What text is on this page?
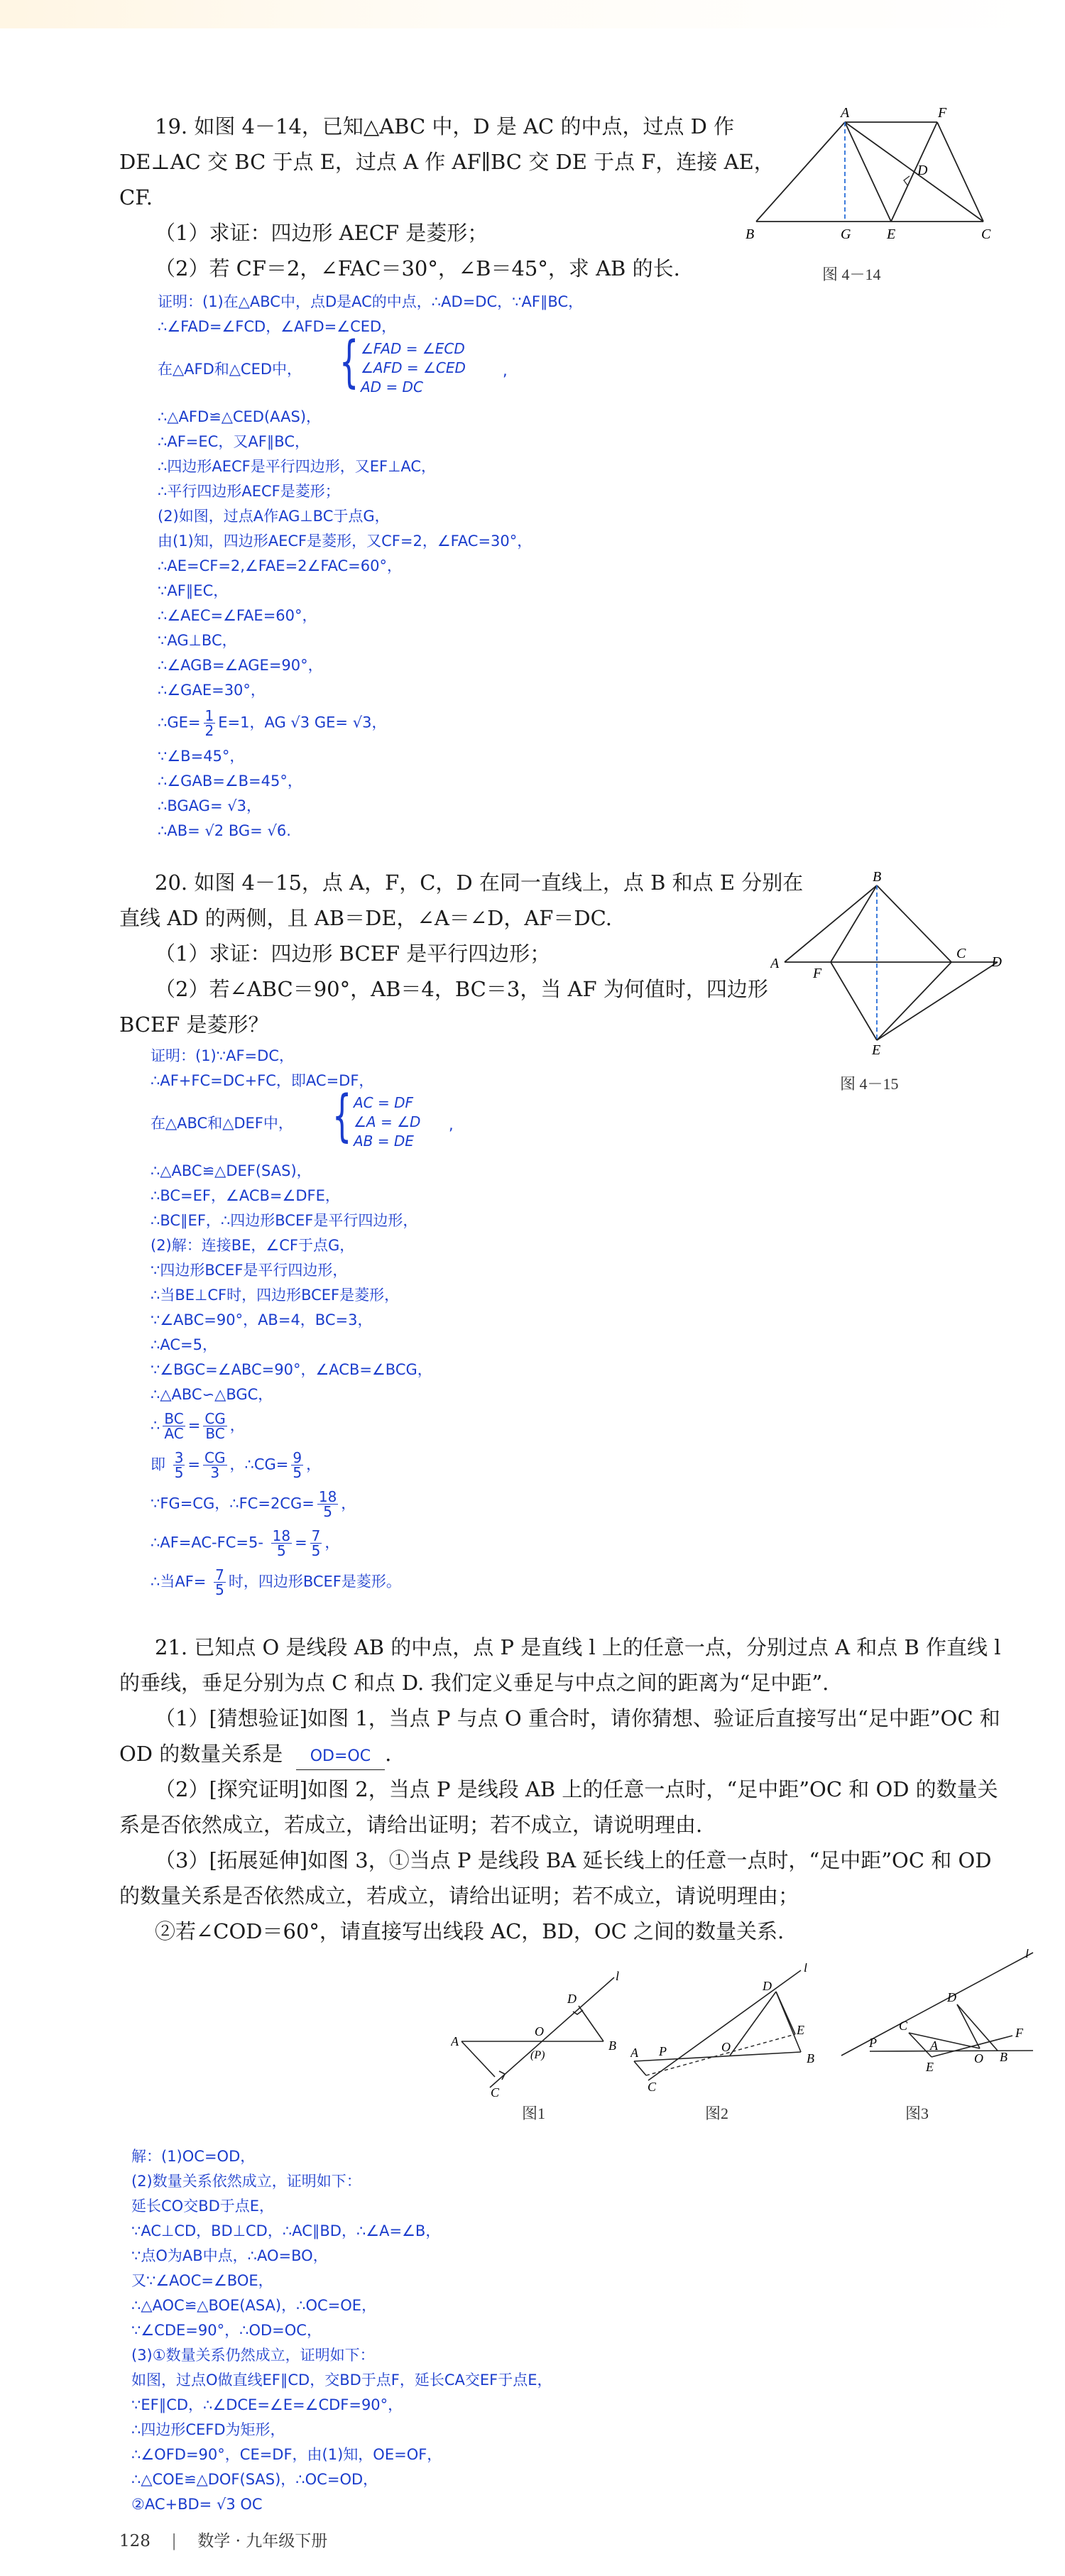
19. 如图 4－14，已知△ABC 中，D 是 AC 的中点，过点 D 作
DE⊥AC 交 BC 于点 E，过点 A 作 AF∥BC 交 DE 于点 F，连接 AE，
CF.
（1）求证：四边形 AECF 是菱形；
（2）若 CF＝2，∠FAC＝30°，∠B＝45°，求 AB 的长.
A	F
D
B	G	E	C
图 4－14
证明：(1)在△ABC中，点D是AC的中点，∴AD=DC，∵AF∥BC，
∴∠FAD=∠FCD，∠AFD=∠CED，
在△AFD和△CED中， { ∠FAD = ∠ECD
∠AFD = ∠CED
AD = DC
,
∴△AFD≌△CED(AAS)，
∴AF=EC，又AF∥BC，
∴四边形AECF是平行四边形，又EF⊥AC，
∴平行四边形AECF是菱形；
(2)如图，过点A作AG⊥BC于点G，
由(1)知，四边形AECF是菱形，又CF=2，∠FAC=30°，
∴AE=CF=2,∠FAE=2∠FAC=60°，
∵AF∥EC，
∴∠AEC=∠FAE=60°，
∵AG⊥BC，
∴∠AGB=∠AGE=90°，
∴∠GAE=30°，
∴GE= $\frac{1}{2} E=1$，AG √3 GE= √3，
∵∠B=45°，
∴∠GAB=∠B=45°，
∴BGAG= √3，
∴AB= √2 BG= √6.
20. 如图 4－15，点 A，F，C，D 在同一直线上，点 B 和点 E 分别在
直线 AD 的两侧，且 AB＝DE，∠A＝∠D，AF＝DC.
（1）求证：四边形 BCEF 是平行四边形；
（2）若∠ABC＝90°，AB＝4，BC＝3，当 AF 为何值时，四边形
BCEF 是菱形？
B
A
F
C
D
E
图 4－15
证明：(1)∵AF=DC，
∴AF+FC=DC+FC，即AC=DF，
在△ABC和△DEF中， { AC = DF
∠A = ∠D
AB = DE
,
∴△ABC≌△DEF(SAS)，
∴BC=EF，∠ACB=∠DFE，
∴BC∥EF，∴四边形BCEF是平行四边形，
(2)解：连接BE，∠CF于点G，
∵四边形BCEF是平行四边形，
∴当BE⊥CF时，四边形BCEF是菱形，
∵∠ABC=90°，AB=4，BC=3，
∴AC=5，
∵∠BGC=∠ABC=90°，∠ACB=∠BCG，
∴△ABC∽△BGC，
∴ $\frac{BC}{AC} = \frac{CG}{BC}$ ，
即 $\frac{3}{5} = \frac{CG}{3}$ ，∴CG= $\frac{9}{5}$ ，
∵FG=CG，∴FC=2CG= $\frac{18}{5}$ ，
∴AF=AC-FC=5- $\frac{18}{5} = \frac{7}{5}$ ，
∴当$AF= \frac{7}{5}$ 时，四边形BCEF是菱形。
21. 已知点 O 是线段 AB 的中点，点 P 是直线 l 上的任意一点，分别过点 A 和点 B 作直线 l
的垂线，垂足分别为点 C 和点 D. 我们定义垂足与中点之间的距离为“足中距”.
（1）[猜想验证]如图 1，当点 P 与点 O 重合时，请你猜想、验证后直接写出“足中距”OC 和
OD 的数量关系是 OD=OC .
（2）[探究证明]如图 2，当点 P 是线段 AB 上的任意一点时，“足中距”OC 和 OD 的数量关
系是否依然成立，若成立，请给出证明；若不成立，请说明理由.
（3）[拓展延伸]如图 3，①当点 P 是线段 BA 延长线上的任意一点时，“足中距”OC 和 OD
的数量关系是否依然成立，若成立，请给出证明；若不成立，请说明理由；
②若∠COD＝60°，请直接写出线段 AC，BD，OC 之间的数量关系.
l
D
A
O
(P)
B
C
图1
l
D
A P	O
E
B
C
图2
l
D
C	F
P	A
O B
E
图3
解：(1)OC=OD，
(2)数量关系依然成立，证明如下：
延长CO交BD于点E，
∵AC⊥CD，BD⊥CD，∴AC∥BD，∴∠A=∠B，
∵点O为AB中点，∴AO=BO，
又∵∠AOC=∠BOE，
∴△AOC≌△BOE(ASA)，∴OC=OE，
∵∠CDE=90°，∴OD=OC，
(3)①数量关系仍然成立，证明如下：
如图，过点O做直线EF∥CD，交BD于点F，延长CA交EF于点E，
∵EF∥CD，∴∠DCE=∠E=∠CDF=90°，
∴四边形CEFD为矩形，
∴∠OFD=90°，CE=DF，由(1)知，OE=OF，
∴△COE≌△DOF(SAS)，∴OC=OD，
②AC+BD= √3 OC
128 | 数学 · 九年级下册
